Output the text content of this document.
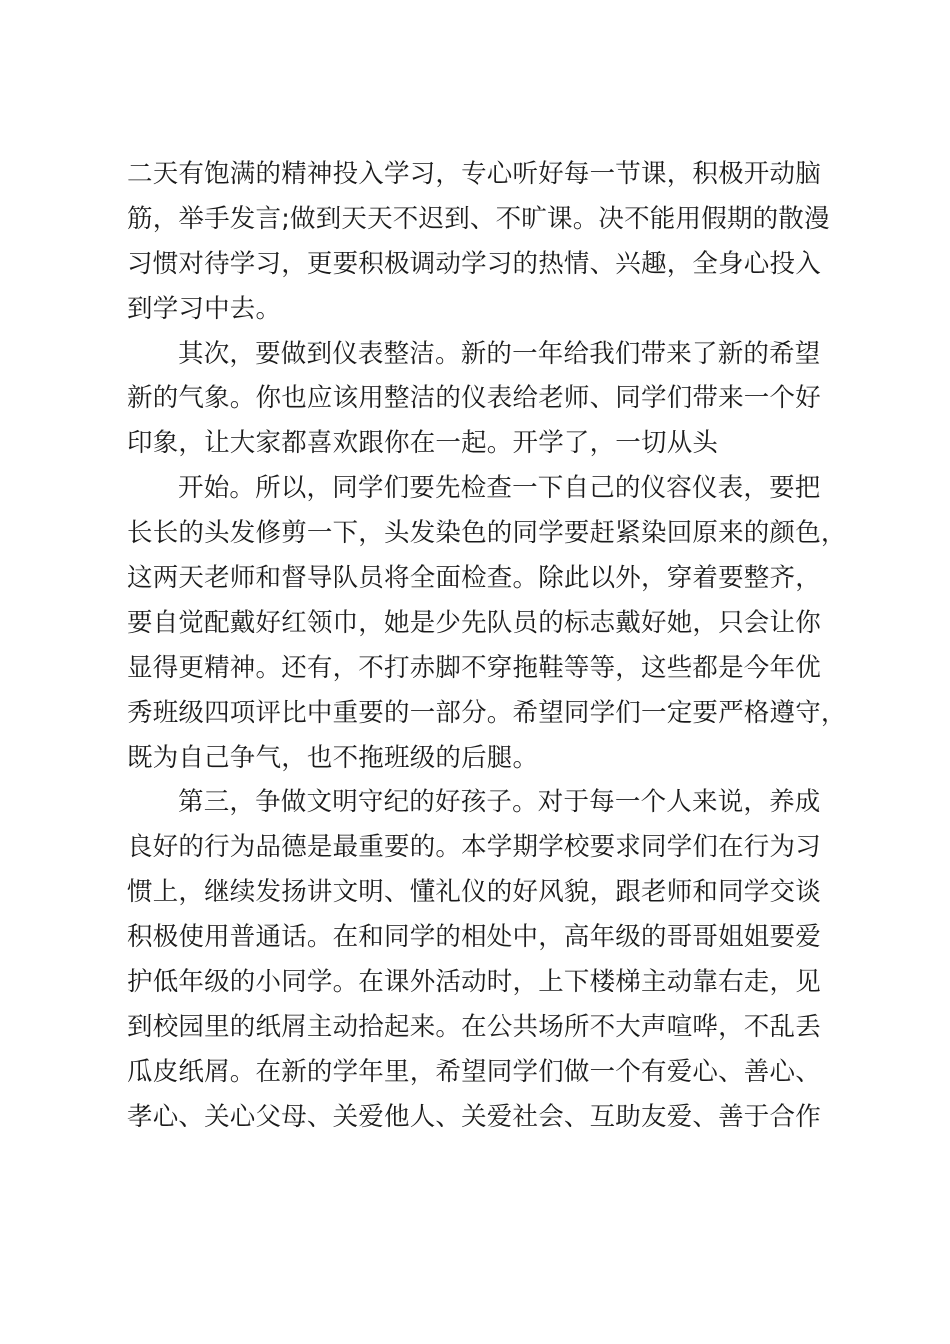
二天有饱满的精神投入学习，专心听好每一节课，积极开动脑
筋，举手发言;做到天天不迟到、不旷课。决不能用假期的散漫
习惯对待学习，更要积极调动学习的热情、兴趣，全身心投入
到学习中去。
其次，要做到仪表整洁。新的一年给我们带来了新的希望
新的气象。你也应该用整洁的仪表给老师、同学们带来一个好
印象，让大家都喜欢跟你在一起。开学了，一切从头
开始。所以，同学们要先检查一下自己的仪容仪表，要把
长长的头发修剪一下，头发染色的同学要赶紧染回原来的颜色，
这两天老师和督导队员将全面检查。除此以外，穿着要整齐，
要自觉配戴好红领巾，她是少先队员的标志戴好她，只会让你
显得更精神。还有，不打赤脚不穿拖鞋等等，这些都是今年优
秀班级四项评比中重要的一部分。希望同学们一定要严格遵守，
既为自己争气，也不拖班级的后腿。
第三，争做文明守纪的好孩子。对于每一个人来说，养成
良好的行为品德是最重要的。本学期学校要求同学们在行为习
惯上，继续发扬讲文明、懂礼仪的好风貌，跟老师和同学交谈
积极使用普通话。在和同学的相处中，高年级的哥哥姐姐要爱
护低年级的小同学。在课外活动时，上下楼梯主动靠右走，见
到校园里的纸屑主动拾起来。在公共场所不大声喧哗，不乱丢
瓜皮纸屑。在新的学年里，希望同学们做一个有爱心、善心、
孝心、关心父母、关爱他人、关爱社会、互助友爱、善于合作
